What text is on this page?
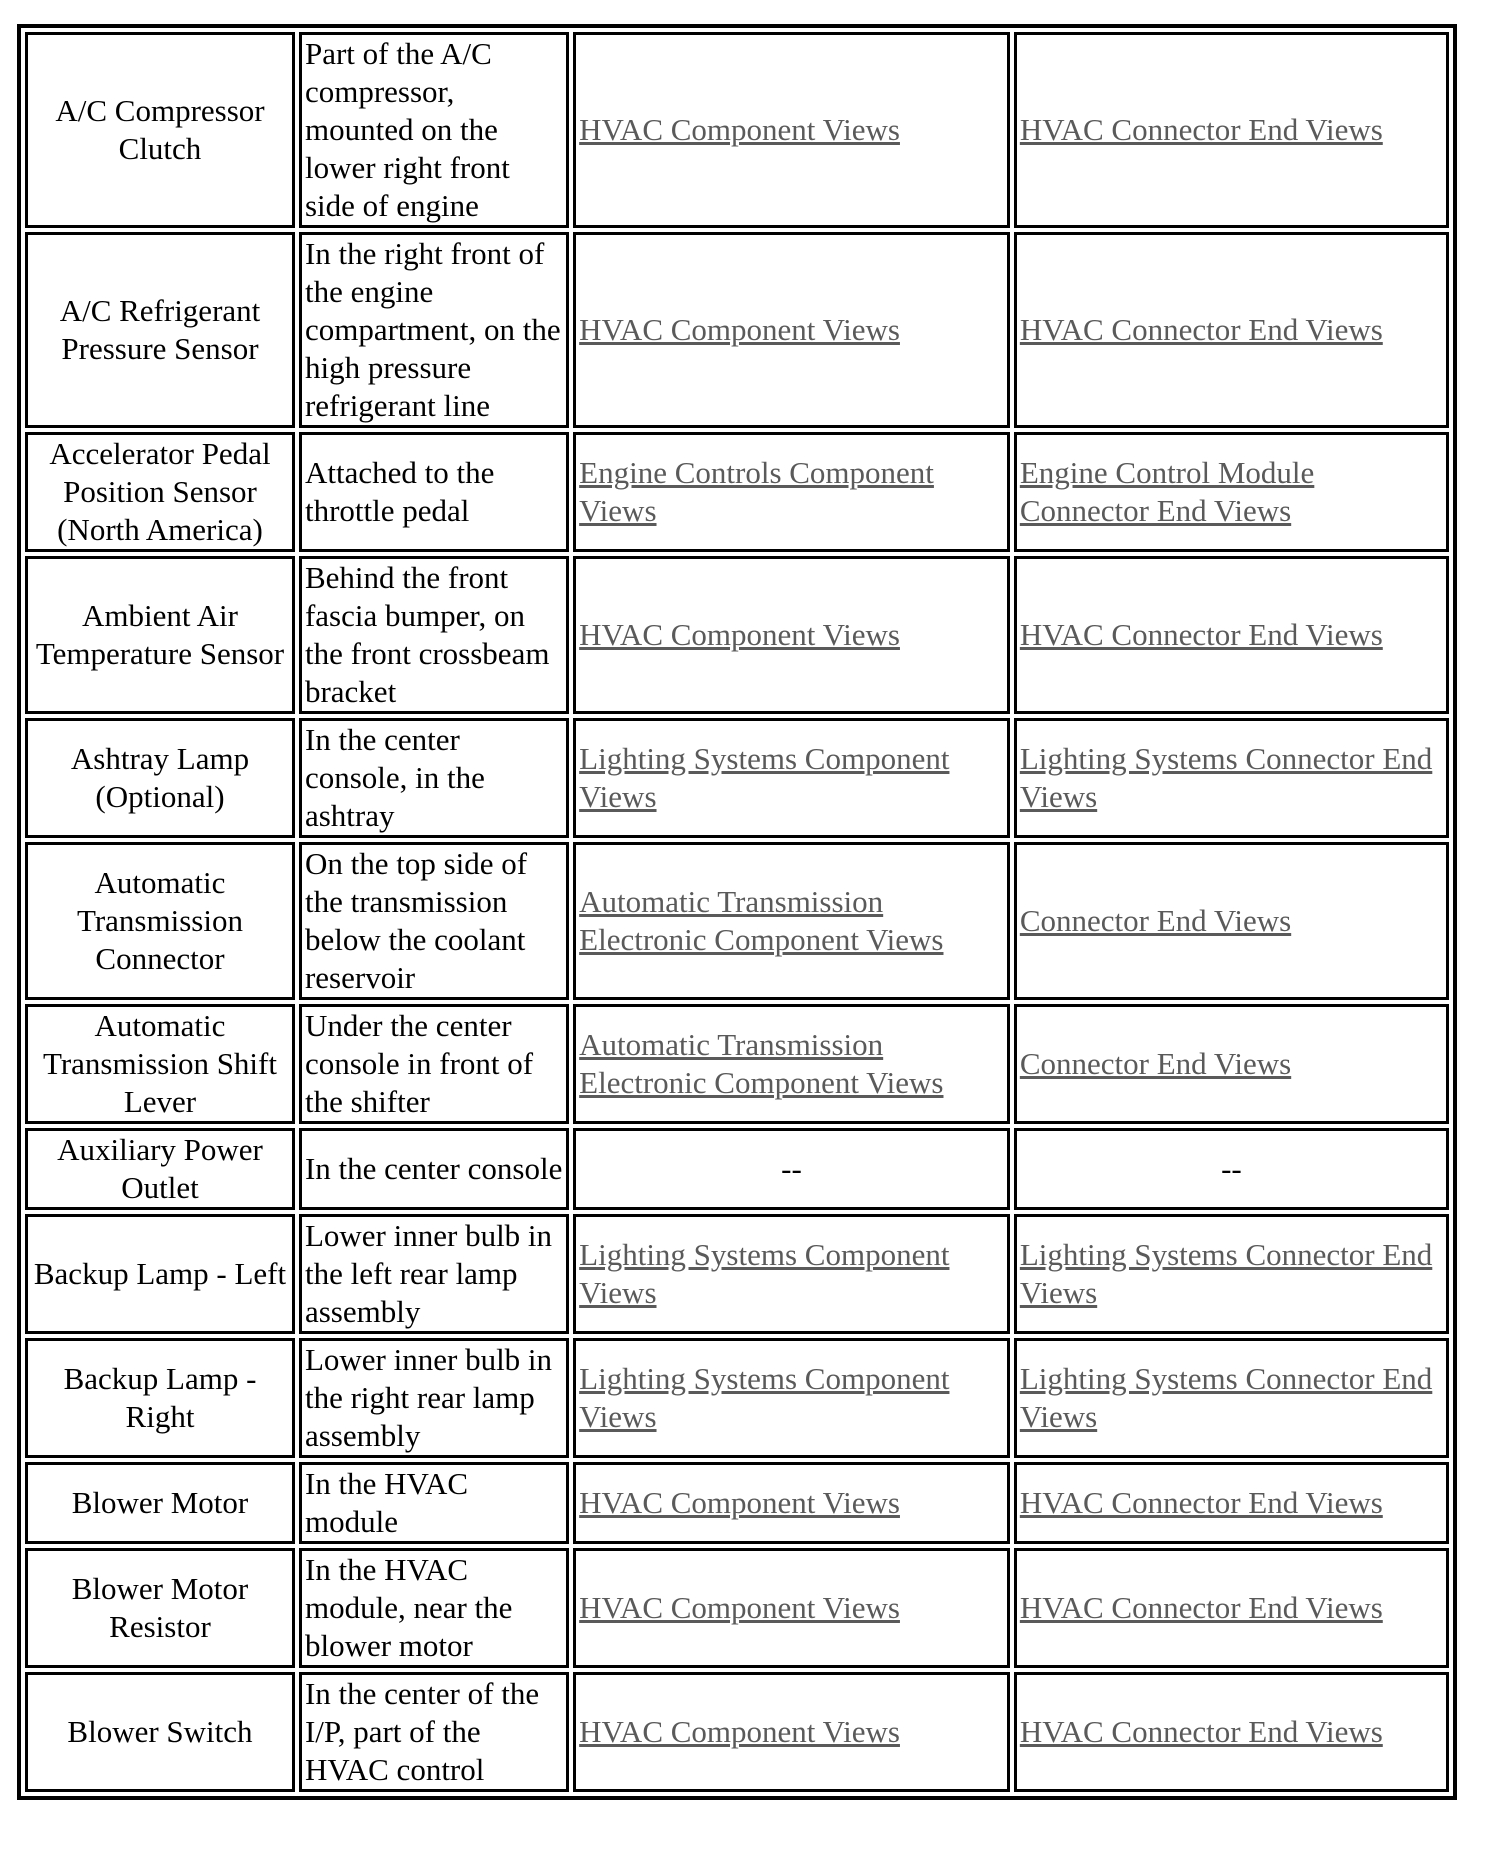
A/C Compressor Clutch	Part of the A/C compressor, mounted on the lower right front side of engine	HVAC Component Views	HVAC Connector End Views
A/C Refrigerant Pressure Sensor	In the right front of the engine compartment, on the high pressure refrigerant line	HVAC Component Views	HVAC Connector End Views
Accelerator Pedal Position Sensor (North America)	Attached to the throttle pedal	Engine Controls Component Views	Engine Control Module Connector End Views
Ambient Air Temperature Sensor	Behind the front fascia bumper, on the front crossbeam bracket	HVAC Component Views	HVAC Connector End Views
Ashtray Lamp (Optional)	In the center console, in the ashtray	Lighting Systems Component Views	Lighting Systems Connector End Views
Automatic Transmission Connector	On the top side of the transmission below the coolant reservoir	Automatic Transmission Electronic Component Views	Connector End Views
Automatic Transmission Shift Lever	Under the center console in front of the shifter	Automatic Transmission Electronic Component Views	Connector End Views
Auxiliary Power Outlet	In the center console	--	--
Backup Lamp - Left	Lower inner bulb in the left rear lamp assembly	Lighting Systems Component Views	Lighting Systems Connector End Views
Backup Lamp - Right	Lower inner bulb in the right rear lamp assembly	Lighting Systems Component Views	Lighting Systems Connector End Views
Blower Motor	In the HVAC module	HVAC Component Views	HVAC Connector End Views
Blower Motor Resistor	In the HVAC module, near the blower motor	HVAC Component Views	HVAC Connector End Views
Blower Switch	In the center of the I/P, part of the HVAC control	HVAC Component Views	HVAC Connector End Views
